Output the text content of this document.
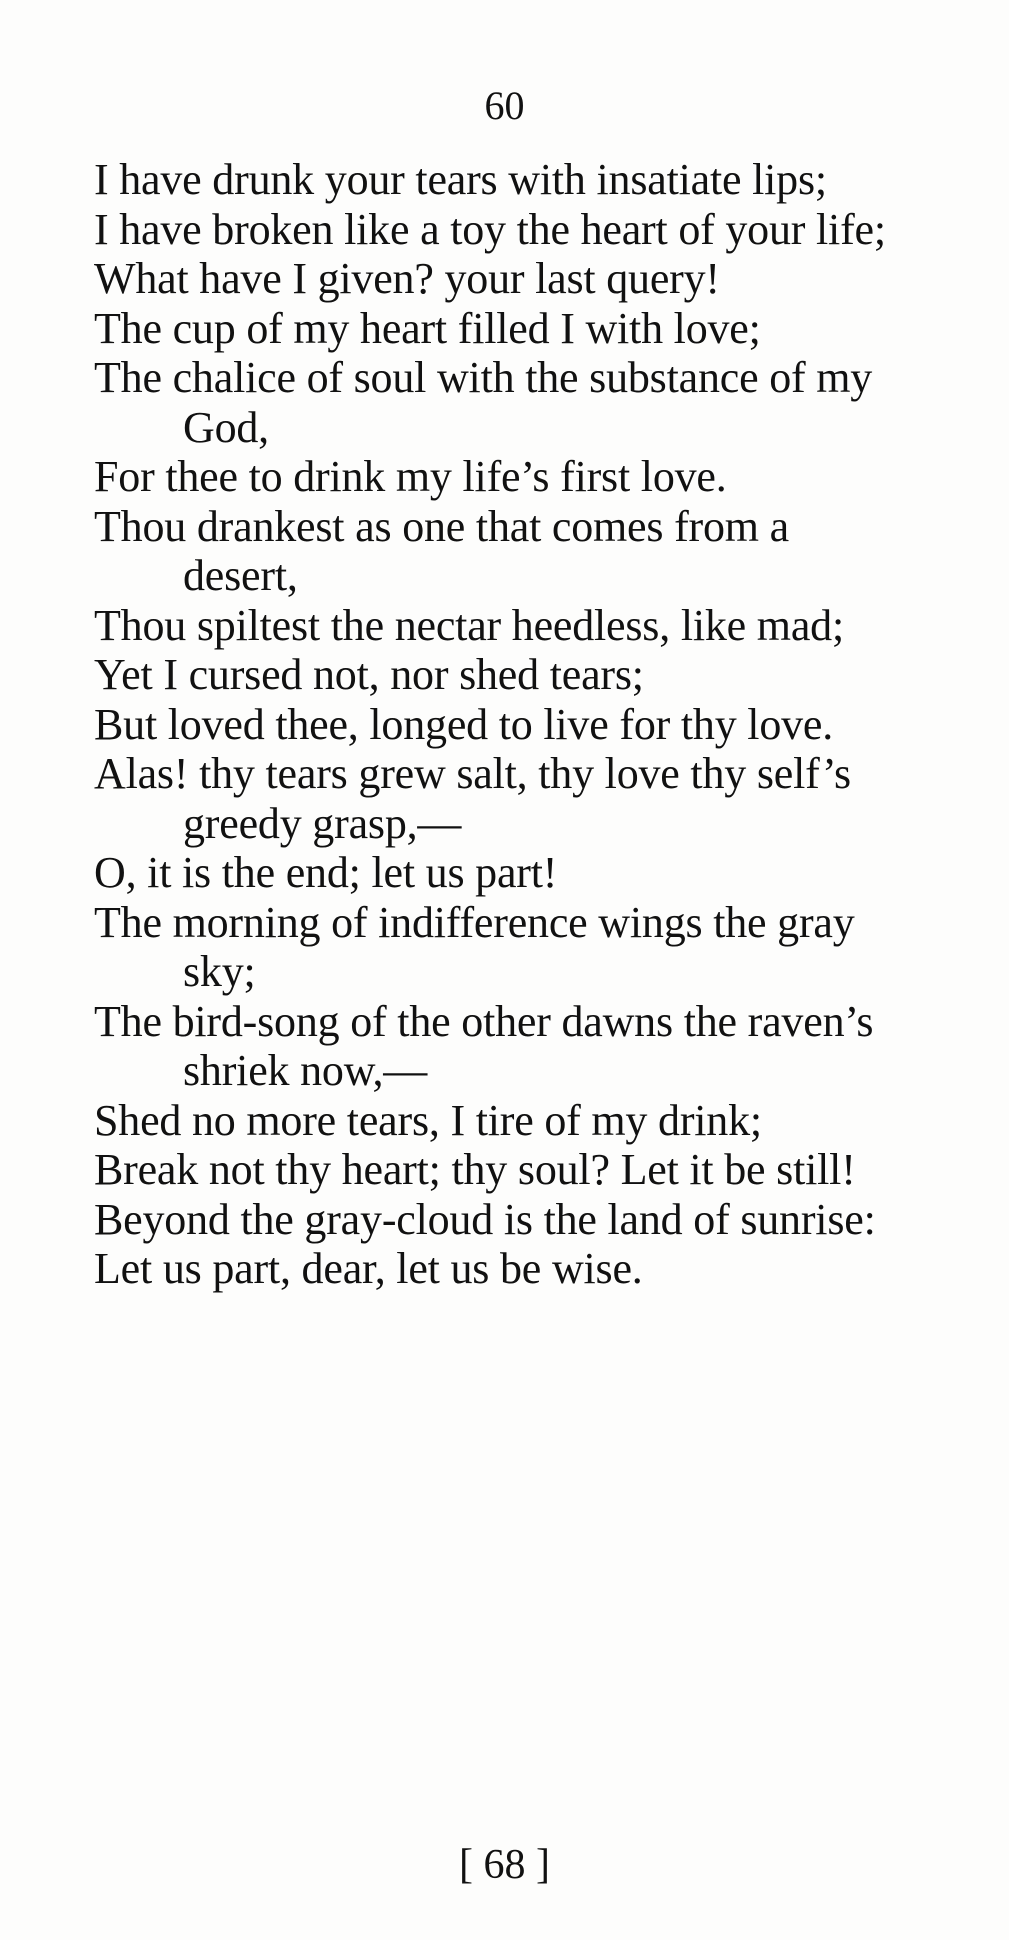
60
I have drunk your tears with insatiate lips;
I have broken like a toy the heart of your life;
What have I given? your last query!
The cup of my heart filled I with love;
The chalice of soul with the substance of my
God,
For thee to drink my life’s first love.
Thou drankest as one that comes from a
desert,
Thou spiltest the nectar heedless, like mad;
Yet I cursed not, nor shed tears;
But loved thee, longed to live for thy love.
Alas! thy tears grew salt, thy love thy self’s
greedy grasp,—
O, it is the end; let us part!
The morning of indifference wings the gray
sky;
The bird-song of the other dawns the raven’s
shriek now,—
Shed no more tears, I tire of my drink;
Break not thy heart; thy soul? Let it be still!
Beyond the gray-cloud is the land of sunrise:
Let us part, dear, let us be wise.
[ 68 ]
